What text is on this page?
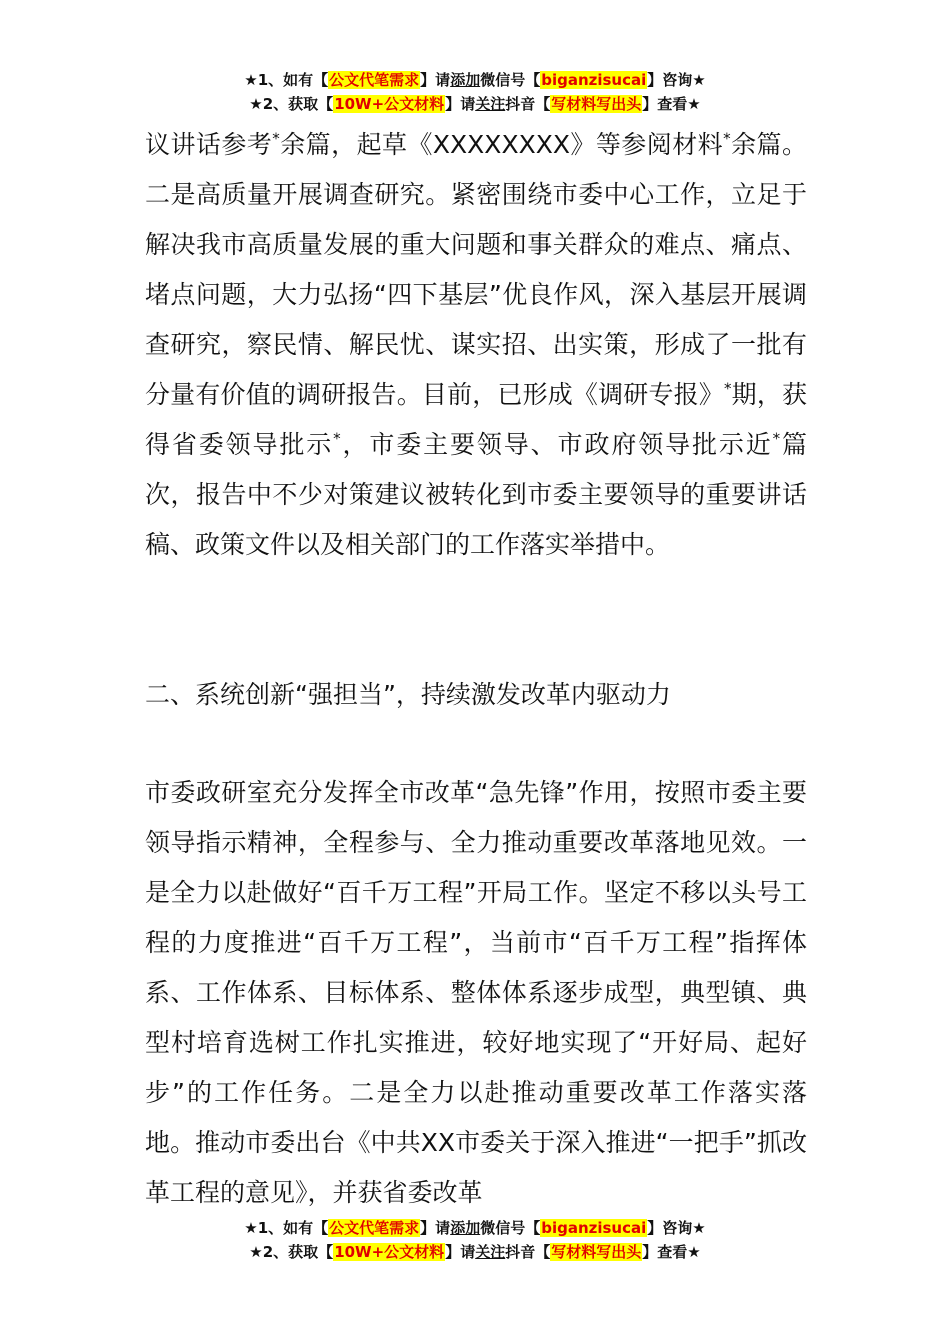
★1、如有【公文代笔需求】请添加微信号【biganzisucai】咨询★
★2、获取【10W+公文材料】请关注抖音【写材料写出头】查看★

议讲话参考*余篇，起草《XXXXXXXX》等参阅材料*余篇。二是高质量开展调查研究。紧密围绕市委中心工作，立足于解决我市高质量发展的重大问题和事关群众的难点、痛点、堵点问题，大力弘扬“四下基层”优良作风，深入基层开展调查研究，察民情、解民忧、谋实招、出实策，形成了一批有分量有价值的调研报告。目前，已形成《调研专报》*期，获得省委领导批示*，市委主要领导、市政府领导批示近*篇次，报告中不少对策建议被转化到市委主要领导的重要讲话稿、政策文件以及相关部门的工作落实举措中。

二、系统创新“强担当”，持续激发改革内驱动力

市委政研室充分发挥全市改革“急先锋”作用，按照市委主要领导指示精神，全程参与、全力推动重要改革落地见效。一是全力以赴做好“百千万工程”开局工作。坚定不移以头号工程的力度推进“百千万工程”，当前市“百千万工程”指挥体系、工作体系、目标体系、整体体系逐步成型，典型镇、典型村培育选树工作扎实推进，较好地实现了“开好局、起好步”的工作任务。二是全力以赴推动重要改革工作落实落地。推动市委出台《中共XX市委关于深入推进“一把手”抓改革工程的意见》，并获省委改革

★1、如有【公文代笔需求】请添加微信号【biganzisucai】咨询★
★2、获取【10W+公文材料】请关注抖音【写材料写出头】查看★
